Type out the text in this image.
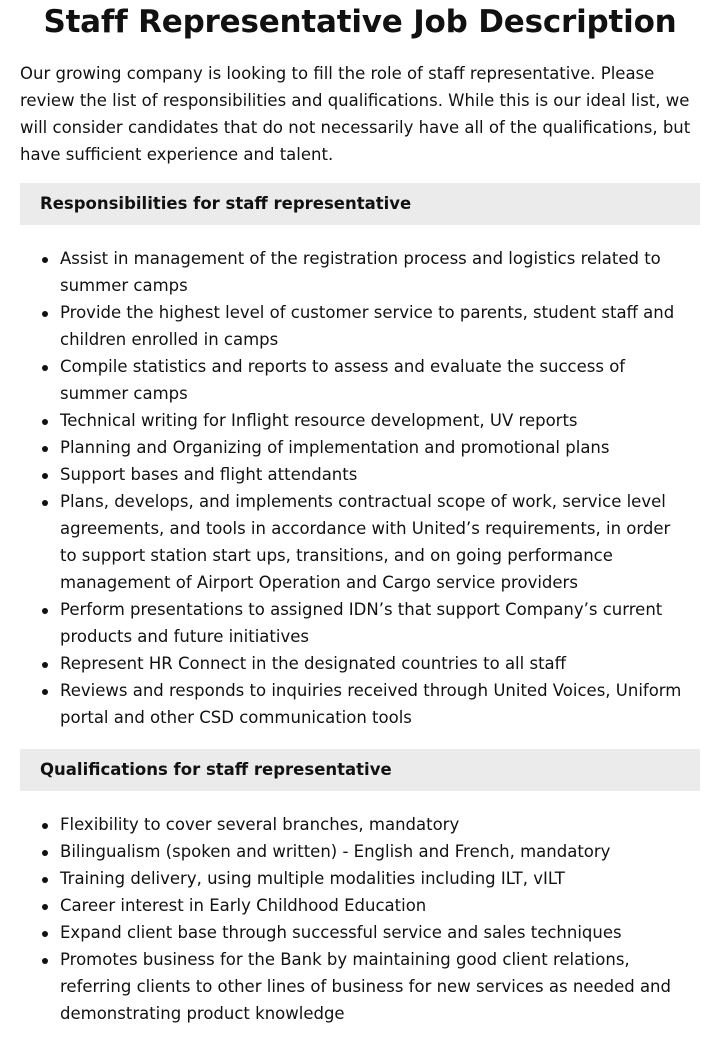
Staff Representative Job Description

Our growing company is looking to fill the role of staff representative. Please review the list of responsibilities and qualifications. While this is our ideal list, we will consider candidates that do not necessarily have all of the qualifications, but have sufficient experience and talent.

Responsibilities for staff representative
Assist in management of the registration process and logistics related to summer camps
Provide the highest level of customer service to parents, student staff and children enrolled in camps
Compile statistics and reports to assess and evaluate the success of summer camps
Technical writing for Inflight resource development, UV reports
Planning and Organizing of implementation and promotional plans
Support bases and flight attendants
Plans, develops, and implements contractual scope of work, service level agreements, and tools in accordance with United’s requirements, in order to support station start ups, transitions, and on going performance management of Airport Operation and Cargo service providers
Perform presentations to assigned IDN’s that support Company’s current products and future initiatives
Represent HR Connect in the designated countries to all staff
Reviews and responds to inquiries received through United Voices, Uniform portal and other CSD communication tools
Qualifications for staff representative
Flexibility to cover several branches, mandatory
Bilingualism (spoken and written) - English and French, mandatory
Training delivery, using multiple modalities including ILT, vILT
Career interest in Early Childhood Education
Expand client base through successful service and sales techniques
Promotes business for the Bank by maintaining good client relations, referring clients to other lines of business for new services as needed and demonstrating product knowledge
